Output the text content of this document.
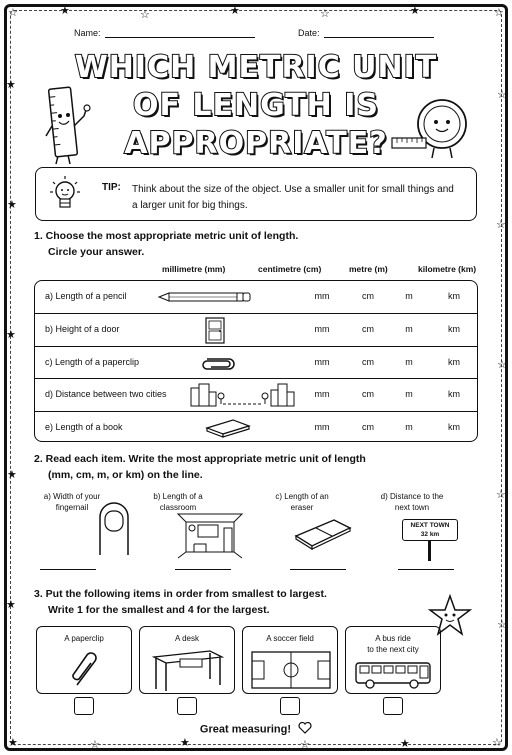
☆	★	☆	★	☆	★	☆
★
☆
★
☆
★
☆
★
☆
★
☆
★	☆	★	☆	★	☆
Name:	Date:
WHICH METRIC UNIT
OF LENGTH IS
APPROPRIATE?
TIP: Think about the size of the object. Use a smaller unit for small things and a larger unit for big things.
1. Choose the most appropriate metric unit of length.
Circle your answer.
millimetre (mm)	centimetre (cm)	metre (m)	kilometre (km)
a) Length of a pencil	mm	cm	m	km
b) Height of a door	mm	cm	m	km
c) Length of a paperclip	mm	cm	m	km
d) Distance between two cities	mm	cm	m	km
e) Length of a book	mm	cm	m	km
2. Read each item. Write the most appropriate metric unit of length
(mm, cm, m, or km) on the line.
a) Width of your
fingernail
b) Length of a
classroom
c) Length of an
eraser
d) Distance to the
next town
NEXT TOWN
32 km
3. Put the following items in order from smallest to largest.
Write 1 for the smallest and 4 for the largest.
A paperclip	A desk	A soccer field	A bus ride
to the next city
Great measuring!
